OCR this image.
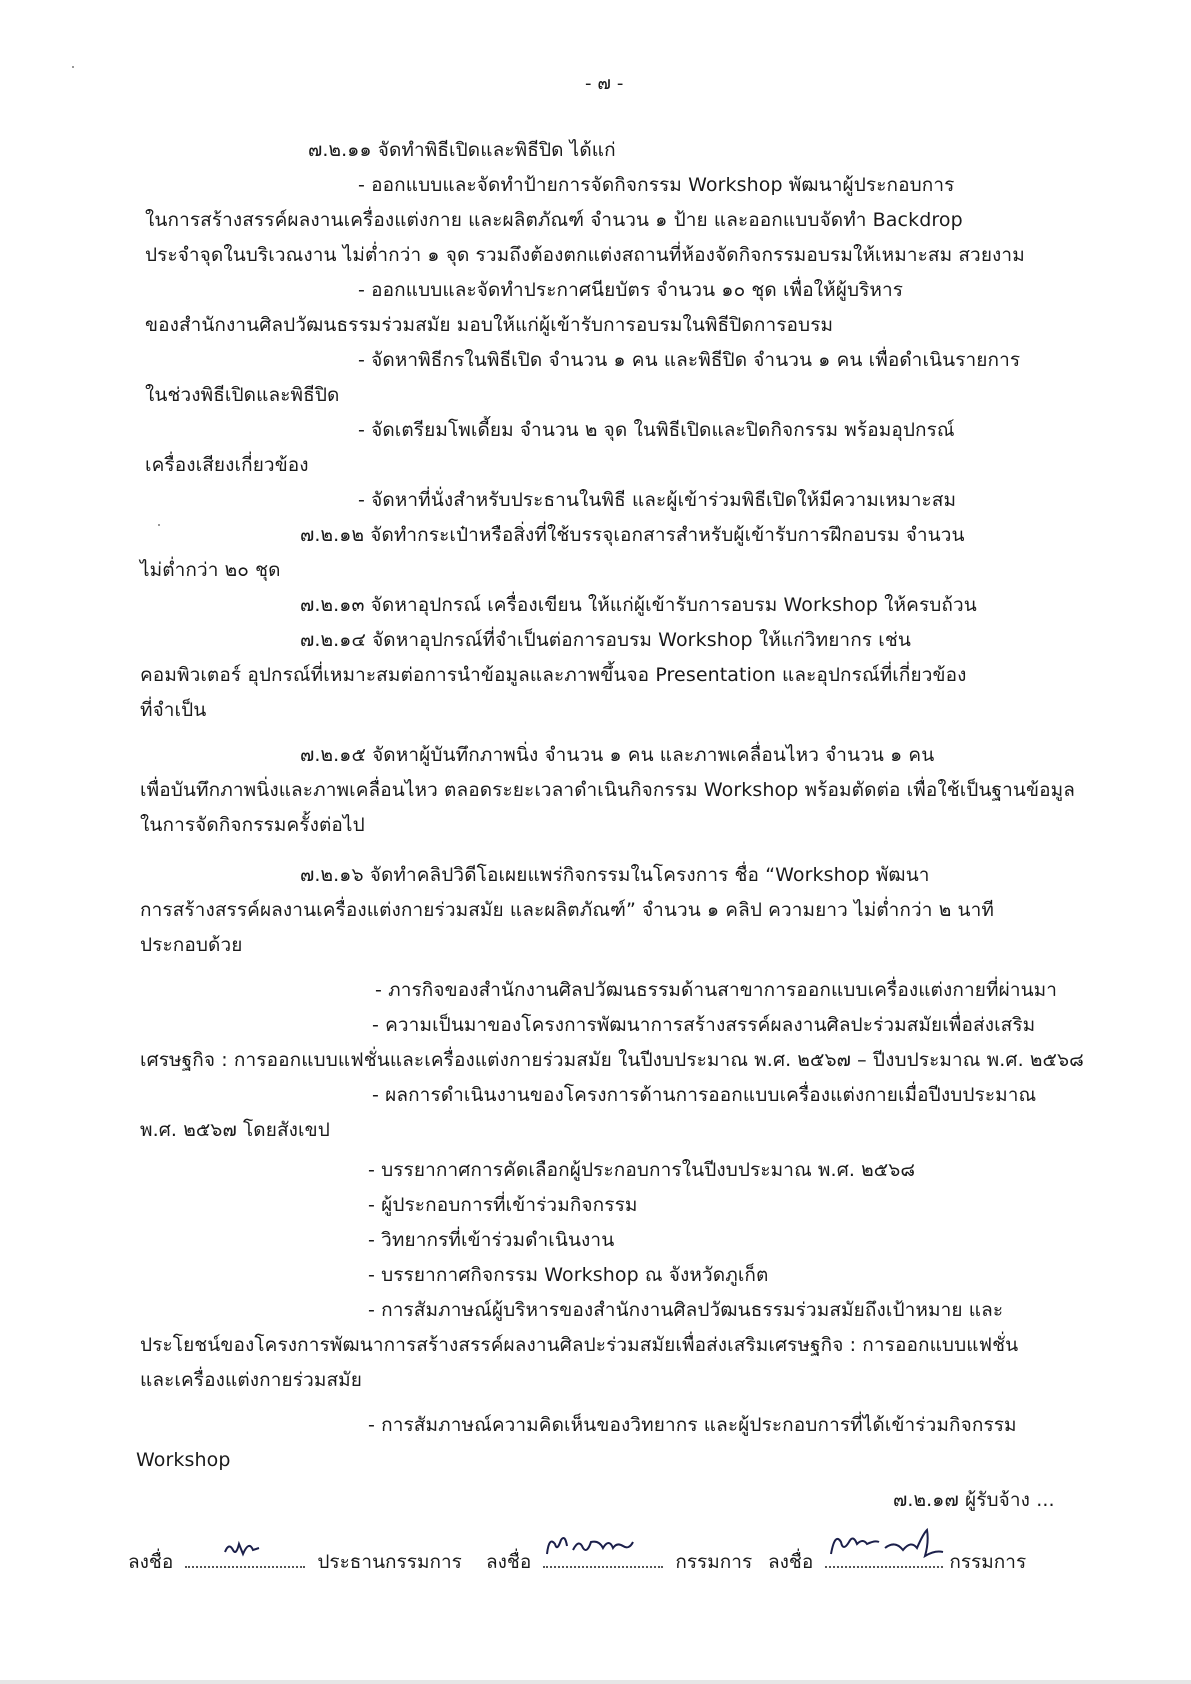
- ๗ -
๗.๒.๑๑ จัดทำพิธีเปิดและพิธีปิด ได้แก่
- ออกแบบและจัดทำป้ายการจัดกิจกรรม Workshop พัฒนาผู้ประกอบการ
ในการสร้างสรรค์ผลงานเครื่องแต่งกาย และผลิตภัณฑ์ จำนวน ๑ ป้าย และออกแบบจัดทำ Backdrop
ประจำจุดในบริเวณงาน ไม่ต่ำกว่า ๑ จุด รวมถึงต้องตกแต่งสถานที่ห้องจัดกิจกรรมอบรมให้เหมาะสม สวยงาม
- ออกแบบและจัดทำประกาศนียบัตร จำนวน ๑๐ ชุด เพื่อให้ผู้บริหาร
ของสำนักงานศิลปวัฒนธรรมร่วมสมัย มอบให้แก่ผู้เข้ารับการอบรมในพิธีปิดการอบรม
- จัดหาพิธีกรในพิธีเปิด จำนวน ๑ คน และพิธีปิด จำนวน ๑ คน เพื่อดำเนินรายการ
ในช่วงพิธีเปิดและพิธีปิด
- จัดเตรียมโพเดี้ยม จำนวน ๒ จุด ในพิธีเปิดและปิดกิจกรรม พร้อมอุปกรณ์
เครื่องเสียงเกี่ยวข้อง
- จัดหาที่นั่งสำหรับประธานในพิธี และผู้เข้าร่วมพิธีเปิดให้มีความเหมาะสม
๗.๒.๑๒ จัดทำกระเป๋าหรือสิ่งที่ใช้บรรจุเอกสารสำหรับผู้เข้ารับการฝึกอบรม จำนวน
ไม่ต่ำกว่า ๒๐ ชุด
๗.๒.๑๓ จัดหาอุปกรณ์ เครื่องเขียน ให้แก่ผู้เข้ารับการอบรม Workshop ให้ครบถ้วน
๗.๒.๑๔ จัดหาอุปกรณ์ที่จำเป็นต่อการอบรม Workshop ให้แก่วิทยากร เช่น
คอมพิวเตอร์ อุปกรณ์ที่เหมาะสมต่อการนำข้อมูลและภาพขึ้นจอ Presentation และอุปกรณ์ที่เกี่ยวข้อง
ที่จำเป็น
๗.๒.๑๕ จัดหาผู้บันทึกภาพนิ่ง จำนวน ๑ คน และภาพเคลื่อนไหว จำนวน ๑ คน
เพื่อบันทึกภาพนิ่งและภาพเคลื่อนไหว ตลอดระยะเวลาดำเนินกิจกรรม Workshop พร้อมตัดต่อ เพื่อใช้เป็นฐานข้อมูล
ในการจัดกิจกรรมครั้งต่อไป
๗.๒.๑๖ จัดทำคลิปวิดีโอเผยแพร่กิจกรรมในโครงการ ชื่อ “Workshop พัฒนา
การสร้างสรรค์ผลงานเครื่องแต่งกายร่วมสมัย และผลิตภัณฑ์” จำนวน ๑ คลิป ความยาว ไม่ต่ำกว่า ๒ นาที
ประกอบด้วย
- ภารกิจของสำนักงานศิลปวัฒนธรรมด้านสาขาการออกแบบเครื่องแต่งกายที่ผ่านมา
- ความเป็นมาของโครงการพัฒนาการสร้างสรรค์ผลงานศิลปะร่วมสมัยเพื่อส่งเสริม
เศรษฐกิจ : การออกแบบแฟชั่นและเครื่องแต่งกายร่วมสมัย ในปีงบประมาณ พ.ศ. ๒๕๖๗ – ปีงบประมาณ พ.ศ. ๒๕๖๘
- ผลการดำเนินงานของโครงการด้านการออกแบบเครื่องแต่งกายเมื่อปีงบประมาณ
พ.ศ. ๒๕๖๗ โดยสังเขป
- บรรยากาศการคัดเลือกผู้ประกอบการในปีงบประมาณ พ.ศ. ๒๕๖๘
- ผู้ประกอบการที่เข้าร่วมกิจกรรม
- วิทยากรที่เข้าร่วมดำเนินงาน
- บรรยากาศกิจกรรม Workshop ณ จังหวัดภูเก็ต
- การสัมภาษณ์ผู้บริหารของสำนักงานศิลปวัฒนธรรมร่วมสมัยถึงเป้าหมาย และ
ประโยชน์ของโครงการพัฒนาการสร้างสรรค์ผลงานศิลปะร่วมสมัยเพื่อส่งเสริมเศรษฐกิจ : การออกแบบแฟชั่น
และเครื่องแต่งกายร่วมสมัย
- การสัมภาษณ์ความคิดเห็นของวิทยากร และผู้ประกอบการที่ได้เข้าร่วมกิจกรรม
Workshop
๗.๒.๑๗ ผู้รับจ้าง ...
ลงชื่อ	ประธานกรรมการ ลงชื่อ	กรรมการ ลงชื่อ	กรรมการ
